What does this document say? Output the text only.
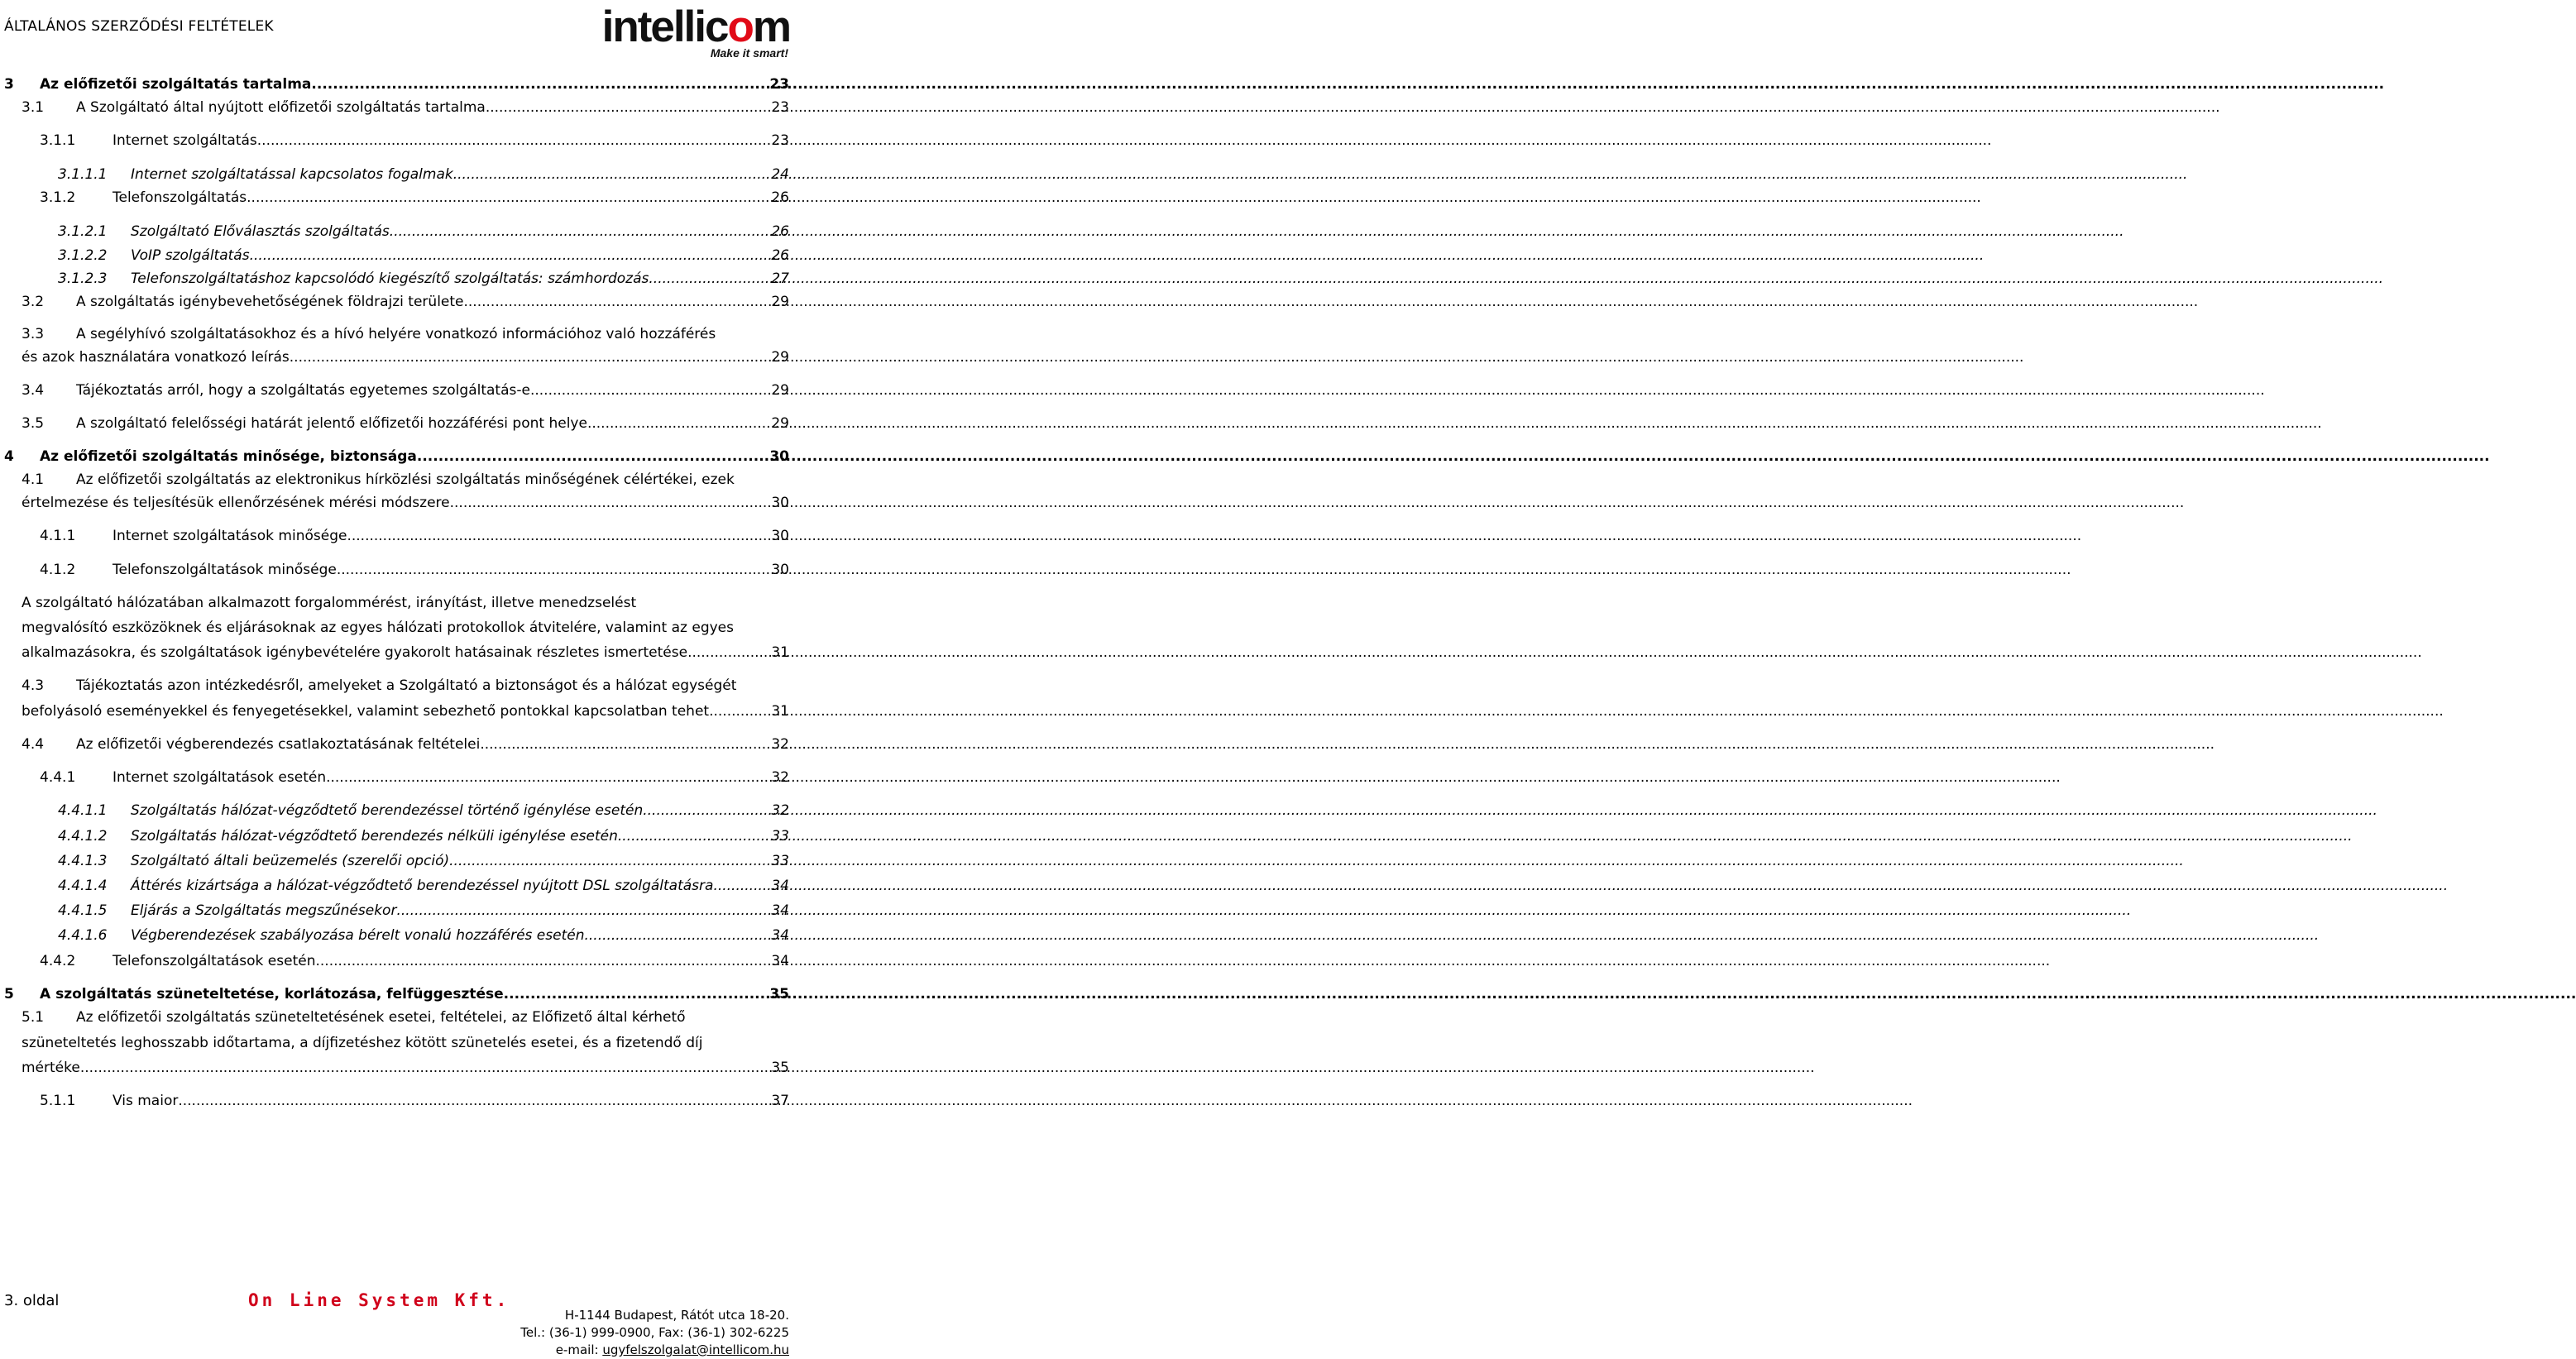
ÁLTALÁNOS SZERZŐDÉSI FELTÉTELEK	intellicom
Make it smart!
3	Az előfizetői szolgáltatás tartalma .....	23
3.1	A Szolgáltató által nyújtott előfizetői szolgáltatás tartalma .....	23
3.1.1	Internet szolgáltatás .....	23
3.1.1.1	Internet szolgáltatással kapcsolatos fogalmak .....	24
3.1.2	Telefonszolgáltatás .....	26
3.1.2.1	Szolgáltató Előválasztás szolgáltatás .....	26
3.1.2.2	VoIP szolgáltatás .....	26
3.1.2.3	Telefonszolgáltatáshoz kapcsolódó kiegészítő szolgáltatás: számhordozás .....	27
3.2	A szolgáltatás igénybevehetőségének földrajzi területe .....	29
3.3	A segélyhívó szolgáltatásokhoz és a hívó helyére vonatkozó információhoz való hozzáférés
és azok használatára vonatkozó leírás .....	29
3.4	Tájékoztatás arról, hogy a szolgáltatás egyetemes szolgáltatás-e .....	29
3.5	A szolgáltató felelősségi határát jelentő előfizetői hozzáférési pont helye .....	29
4	Az előfizetői szolgáltatás minősége, biztonsága .....	30
4.1	Az előfizetői szolgáltatás az elektronikus hírközlési szolgáltatás minőségének célértékei, ezek
értelmezése és teljesítésük ellenőrzésének mérési módszere .....	30
4.1.1	Internet szolgáltatások minősége .....	30
4.1.2	Telefonszolgáltatások minősége .....	30
A szolgáltató hálózatában alkalmazott forgalommérést, irányítást, illetve menedzselést
megvalósító eszközöknek és eljárásoknak az egyes hálózati protokollok átvitelére, valamint az egyes
alkalmazásokra, és szolgáltatások igénybevételére gyakorolt hatásainak részletes ismertetése .....	31
4.3	Tájékoztatás azon intézkedésről, amelyeket a Szolgáltató a biztonságot és a hálózat egységét
befolyásoló eseményekkel és fenyegetésekkel, valamint sebezhető pontokkal kapcsolatban tehet .....	31
4.4	Az előfizetői végberendezés csatlakoztatásának feltételei .....	32
4.4.1	Internet szolgáltatások esetén .....	32
4.4.1.1	Szolgáltatás hálózat-végződtető berendezéssel történő igénylése esetén .....	32
4.4.1.2	Szolgáltatás hálózat-végződtető berendezés nélküli igénylése esetén .....	33
4.4.1.3	Szolgáltató általi beüzemelés (szerelői opció) .....	33
4.4.1.4	Áttérés kizártsága a hálózat-végződtető berendezéssel nyújtott DSL szolgáltatásra .....	34
4.4.1.5	Eljárás a Szolgáltatás megszűnésekor .....	34
4.4.1.6	Végberendezések szabályozása bérelt vonalú hozzáférés esetén .....	34
4.4.2	Telefonszolgáltatások esetén .....	34
5	A szolgáltatás szüneteltetése, korlátozása, felfüggesztése .....	35
5.1	Az előfizetői szolgáltatás szüneteltetésének esetei, feltételei, az Előfizető által kérhető
szüneteltetés leghosszabb időtartama, a díjfizetéshez kötött szünetelés esetei, és a fizetendő díj
mértéke .....	35
5.1.1	Vis maior .....	37
3. oldal	On Line System Kft.
H-1144 Budapest, Rátót utca 18-20.
Tel.: (36-1) 999-0900, Fax: (36-1) 302-6225
e-mail: ugyfelszolgalat@intellicom.hu
